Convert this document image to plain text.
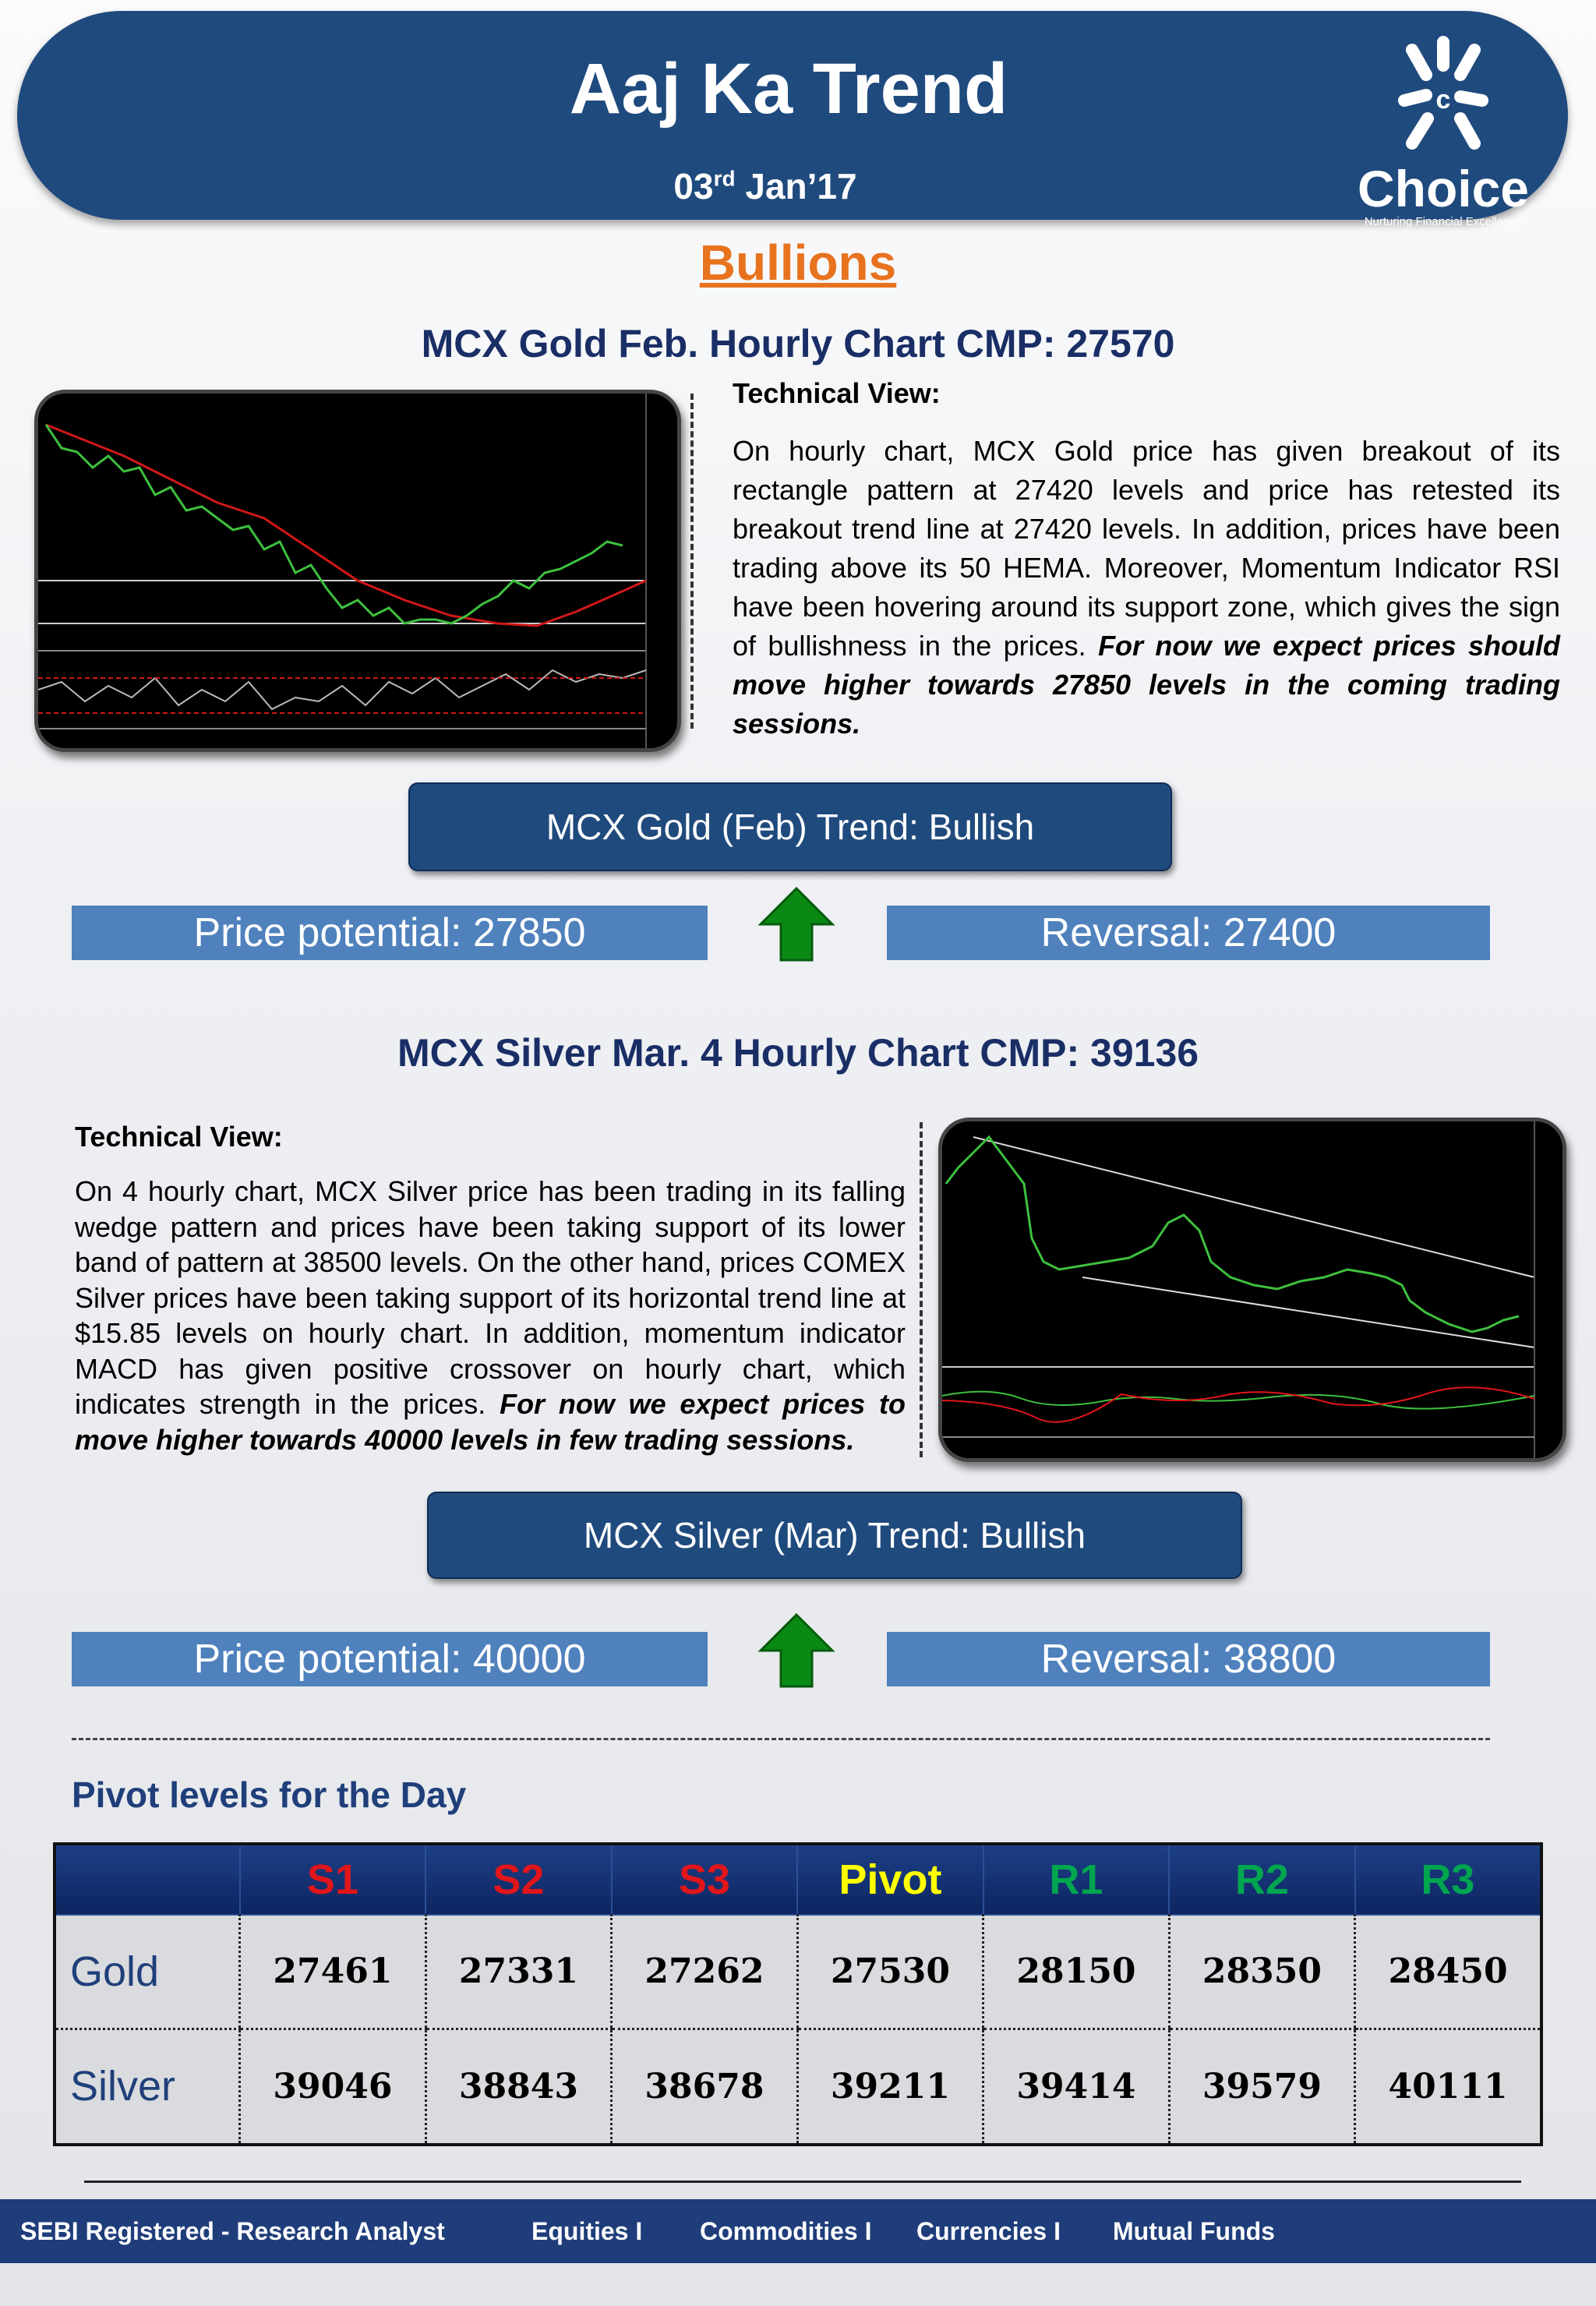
Aaj Ka Trend
03rd Jan’17
c
Choice
Nurturing Financial Excellence
Bullions
MCX Gold Feb. Hourly Chart CMP: 27570
Technical View:
On hourly chart, MCX Gold price has given breakout of its rectangle pattern at 27420 levels and price has retested its breakout trend line at 27420 levels. In addition, prices have been trading above its 50 HEMA. Moreover, Momentum Indicator RSI have been hovering around its support zone, which gives the sign of bullishness in the prices. For now we expect prices should move higher towards 27850 levels in the coming trading sessions.
MCX Gold (Feb) Trend: Bullish
Price potential: 27850	Reversal: 27400
MCX Silver Mar. 4 Hourly Chart CMP: 39136
Technical View:
On 4 hourly chart, MCX Silver price has been trading in its falling wedge pattern and prices have been taking support of its lower band of pattern at 38500 levels. On the other hand, prices COMEX Silver prices have been taking support of its horizontal trend line at $15.85 levels on hourly chart. In addition, momentum indicator MACD has given positive crossover on hourly chart, which indicates strength in the prices. For now we expect prices to move higher towards 40000 levels in few trading sessions.
MCX Silver (Mar) Trend: Bullish
Price potential: 40000	Reversal: 38800
Pivot levels for the Day
	S1	S2	S3	Pivot	R1	R2	R3
Gold	27461	27331	27262	27530	28150	28350	28450
Silver	39046	38843	38678	39211	39414	39579	40111
SEBI Registered - Research Analyst	Equities I Commodities I Currencies I Mutual Funds
